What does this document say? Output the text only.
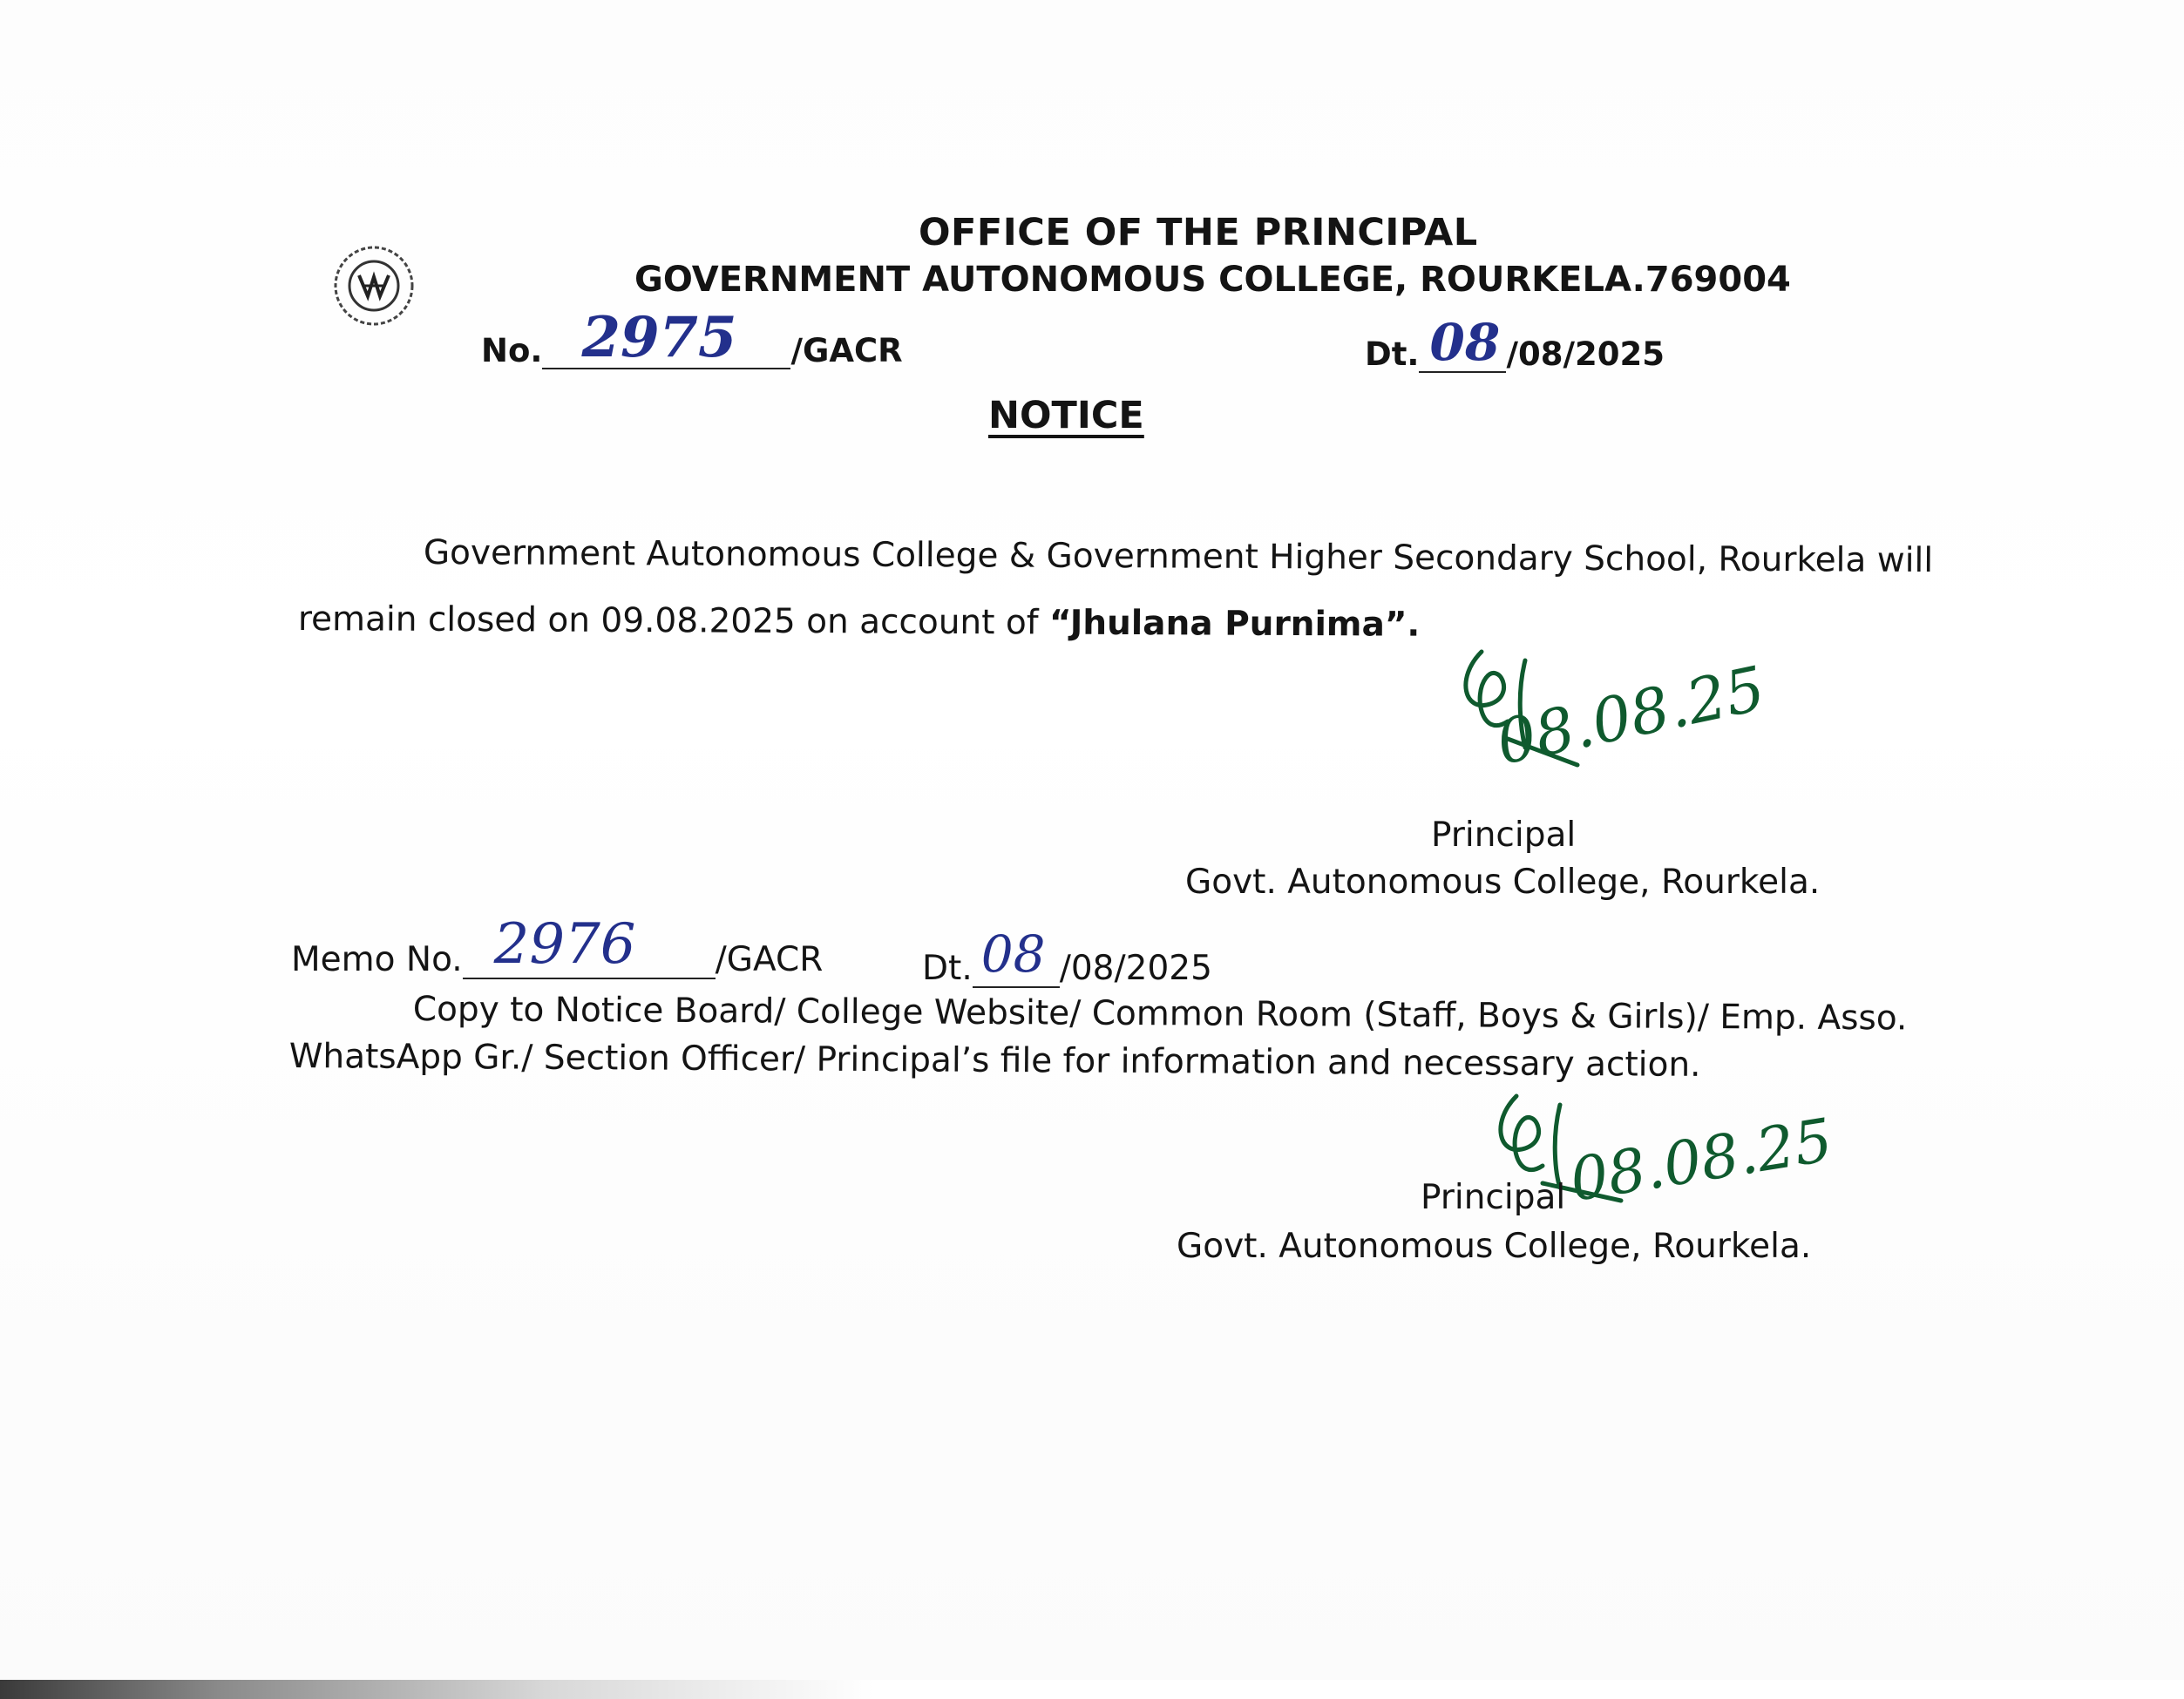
OFFICE OF THE PRINCIPAL
GOVERNMENT AUTONOMOUS COLLEGE, ROURKELA.769004
No. 2975 /GACR	Dt. 08 /08/2025
NOTICE
Government Autonomous College & Government Higher Secondary School, Rourkela will
remain closed on 09.08.2025 on account of “Jhulana Purnima”.
08.08.25
Principal
Govt. Autonomous College, Rourkela.
Memo No. 2976 /GACR	Dt. 08 /08/2025
Copy to Notice Board/ College Website/ Common Room (Staff, Boys & Girls)/ Emp. Asso.
WhatsApp Gr./ Section Officer/ Principal’s file for information and necessary action.
08.08.25
Principal
Govt. Autonomous College, Rourkela.
